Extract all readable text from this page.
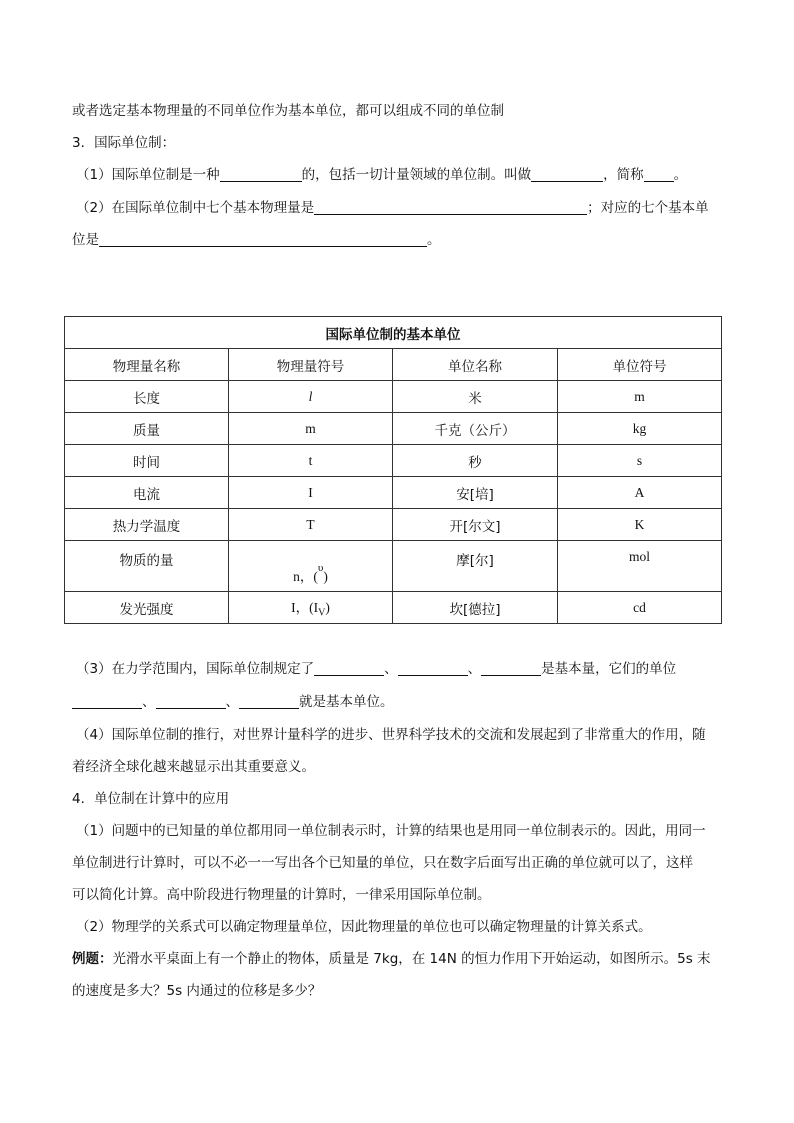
或者选定基本物理量的不同单位作为基本单位，都可以组成不同的单位制
3．国际单位制：
（1）国际单位制是一种	的，包括一切计量领域的单位制。叫做	，简称 。
（2）在国际单位制中七个基本物理量是	；对应的七个基本单
位是	。
国际单位制的基本单位			
物理量名称	物理量符号	单位名称	单位符号
长度	l	米	m
质量	m	千克（公斤）	kg
时间	t	秒	s
电流	I	安[培]	A
热力学温度	T	开[尔文]	K
物质的量	n，($^\upsilon$)	摩[尔]	mol
发光强度	I，$(I_V)$	坎[德拉]	cd
（3）在力学范围内，国际单位制规定了	、	、	是基本量，它们的单位
、	、	就是基本单位。
（4）国际单位制的推行，对世界计量科学的进步、世界科学技术的交流和发展起到了非常重大的作用，随
着经济全球化越来越显示出其重要意义。
4．单位制在计算中的应用
（1）问题中的已知量的单位都用同一单位制表示时，计算的结果也是用同一单位制表示的。因此，用同一
单位制进行计算时，可以不必一一写出各个已知量的单位，只在数字后面写出正确的单位就可以了，这样
可以简化计算。高中阶段进行物理量的计算时，一律采用国际单位制。
（2）物理学的关系式可以确定物理量单位，因此物理量的单位也可以确定物理量的计算关系式。
例题：光滑水平桌面上有一个静止的物体，质量是 7kg，在 14N 的恒力作用下开始运动，如图所示。5s 末
的速度是多大？5s 内通过的位移是多少？
